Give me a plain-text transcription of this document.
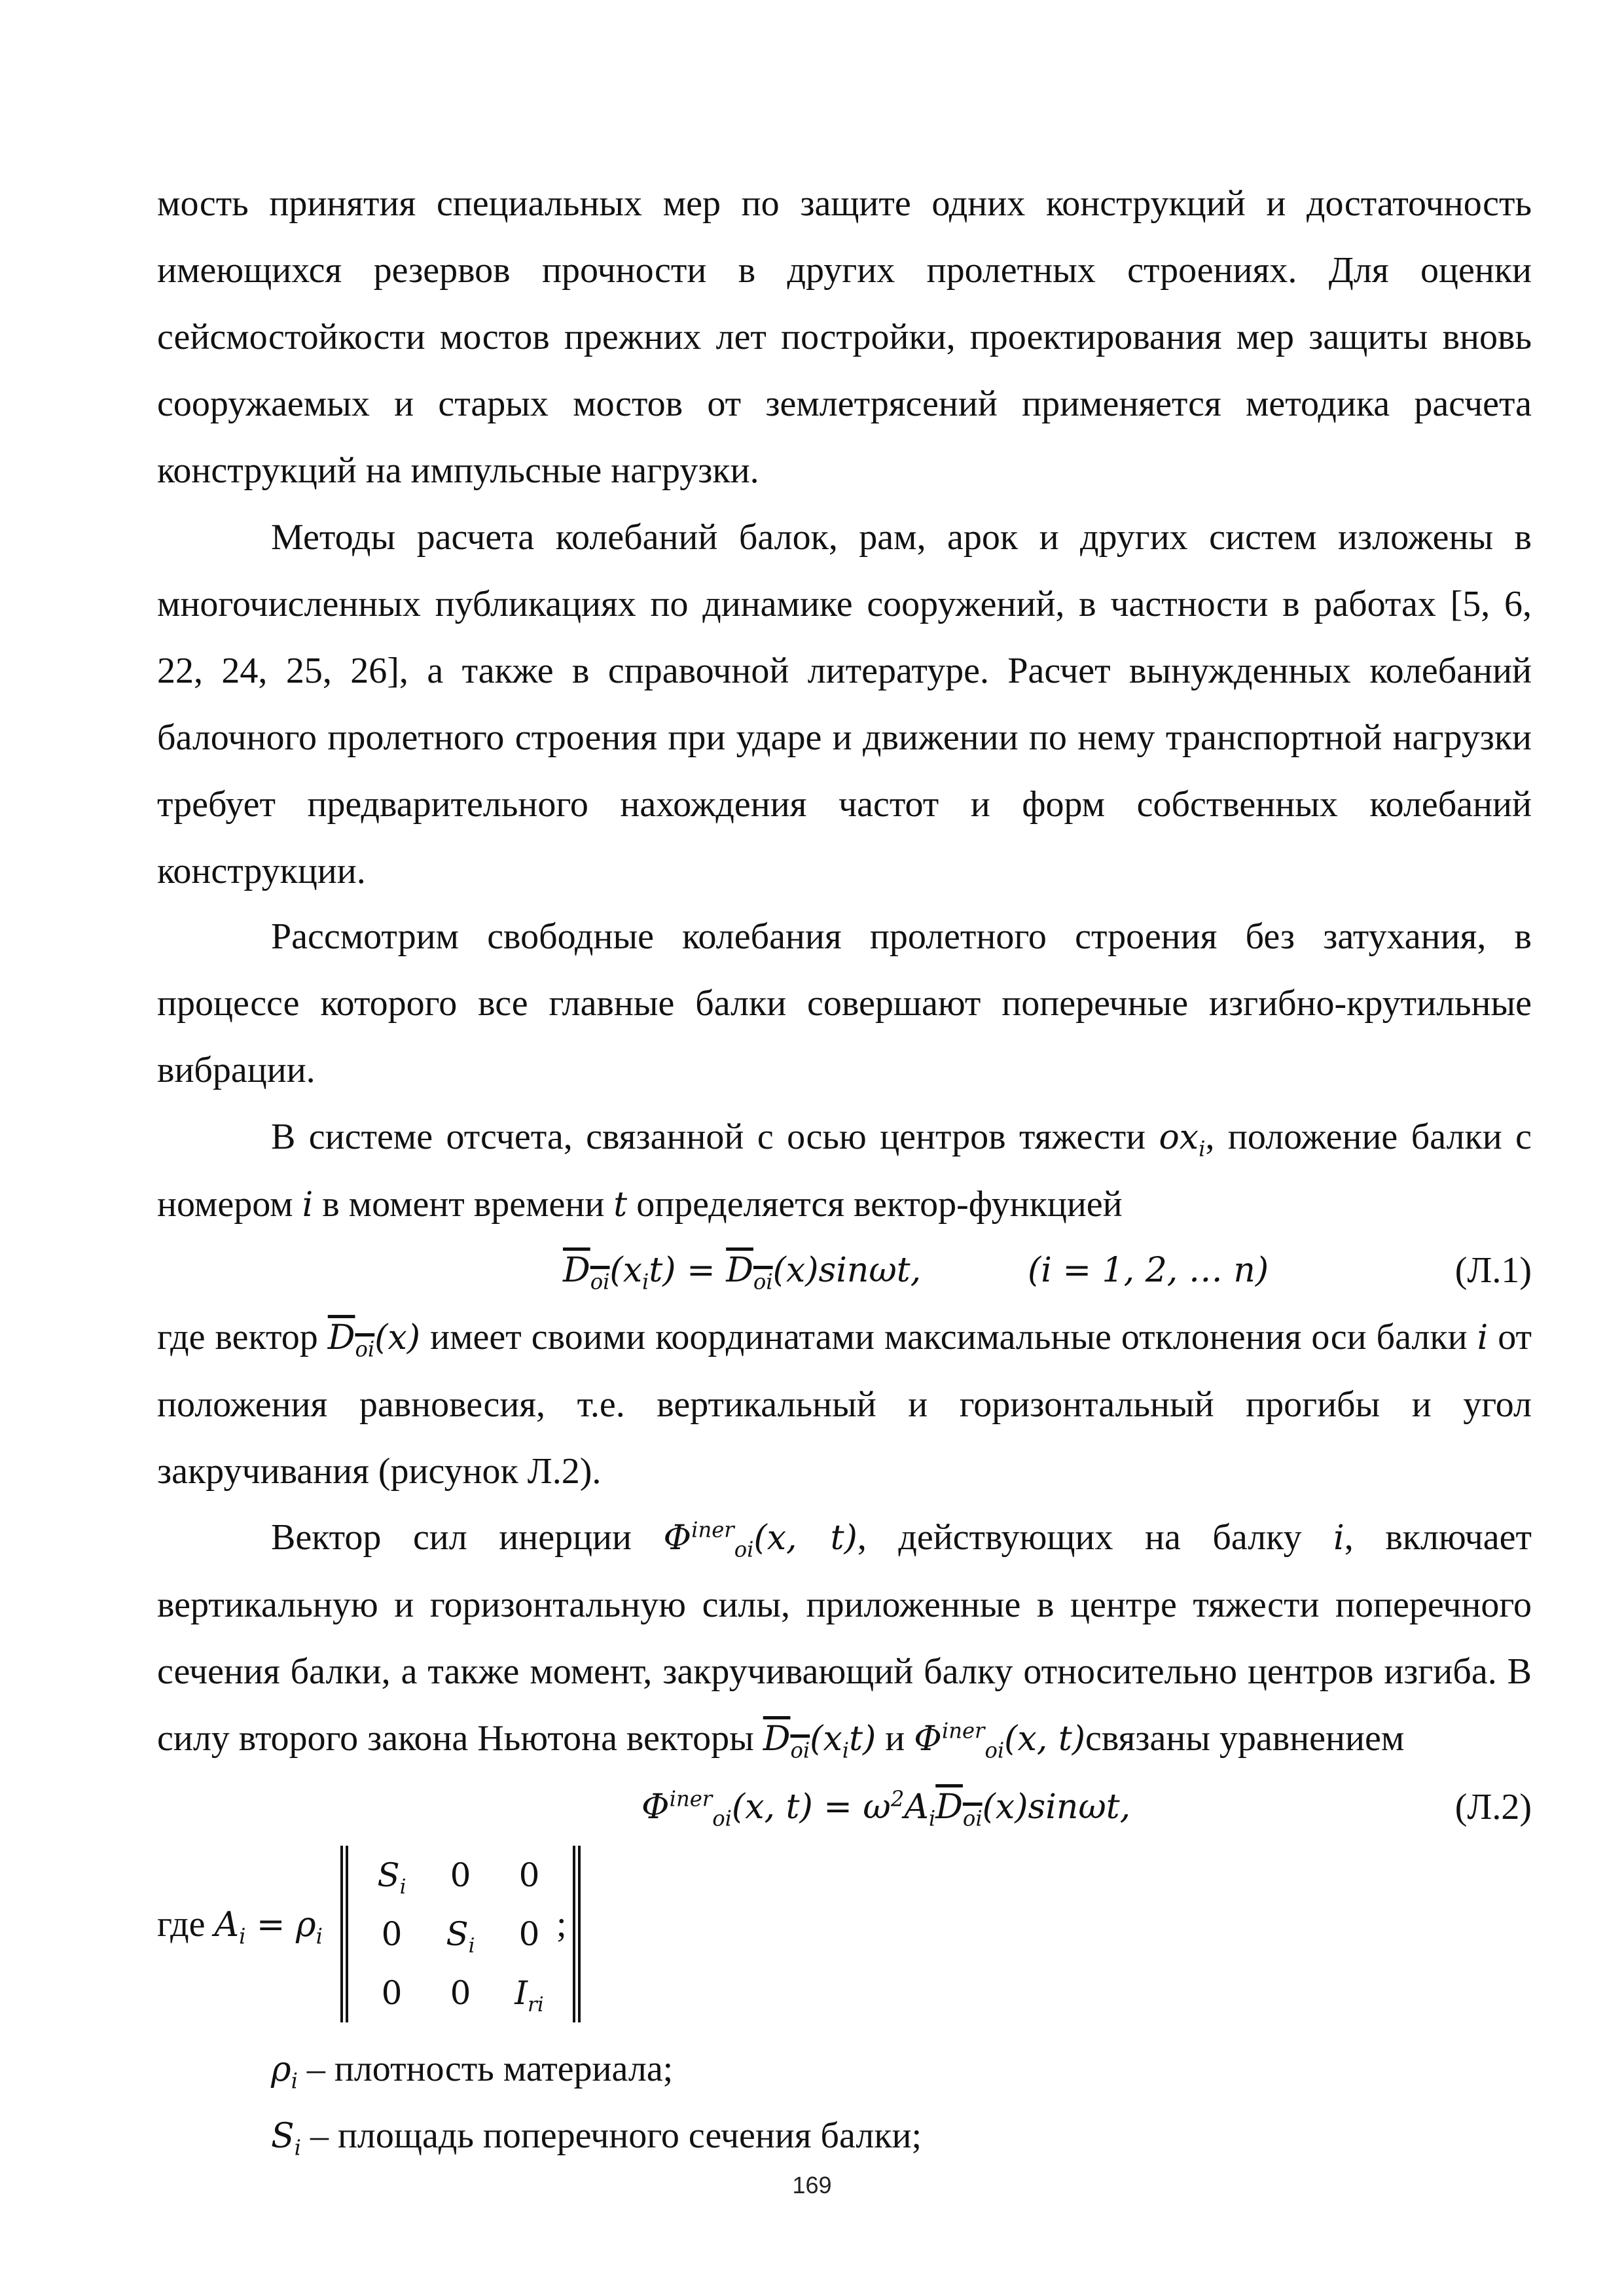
мость принятия специальных мер по защите одних конструкций и достаточность имеющихся резервов прочности в других пролетных строениях. Для оценки сейсмостойкости мостов прежних лет постройки, проектирования мер защиты вновь сооружаемых и старых мостов от землетрясений применяется методика расчета конструкций на импульсные нагрузки.

Методы расчета колебаний балок, рам, арок и других систем изложены в многочисленных публикациях по динамике сооружений, в частности в работах [5, 6, 22, 24, 25, 26], а также в справочной литературе. Расчет вынужденных колебаний балочного пролетного строения при ударе и движении по нему транспортной нагрузки требует предварительного нахождения частот и форм собственных колебаний конструкции.

Рассмотрим свободные колебания пролетного строения без затухания, в процессе которого все главные балки совершают поперечные изгибно-крутильные вибрации.

В системе отсчета, связанной с осью центров тяжести $ox_i$, положение балки с номером i в момент времени t определяется вектор-функцией

$D_{oi}(x_it) = D_{oi}(x)\sin\omega t$,	(i = 1, 2, … n)	(Л.1)

где вектор $D_{oi}(x)$ имеет своими координатами максимальные отклонения оси балки i от положения равновесия, т.е. вертикальный и горизонтальный прогибы и угол закручивания (рисунок Л.2).

Вектор сил инерции $\Phi^{iner}_{oi}(x$, t), действующих на балку i, включает вертикальную и горизонтальную силы, приложенные в центре тяжести поперечного сечения балки, а также момент, закручивающий балку относительно центров изгиба. В силу второго закона Ньютона векторы $D_{oi}(x_it)$ и $\Phi^{iner}_{oi}(x$, t)связаны уравнением

$\Phi^{iner}_{oi}(x$, $t) = \omega^2A_iD_{oi}(x)\sin\omega t$,	(Л.2)
где $A_i = \rho_i$
$S_i$	0	0
0	$S_i$	0
0	0	$I_{ri}$
;
$\rho_i$ – плотность материала;
$S_i$ – площадь поперечного сечения балки;
169
